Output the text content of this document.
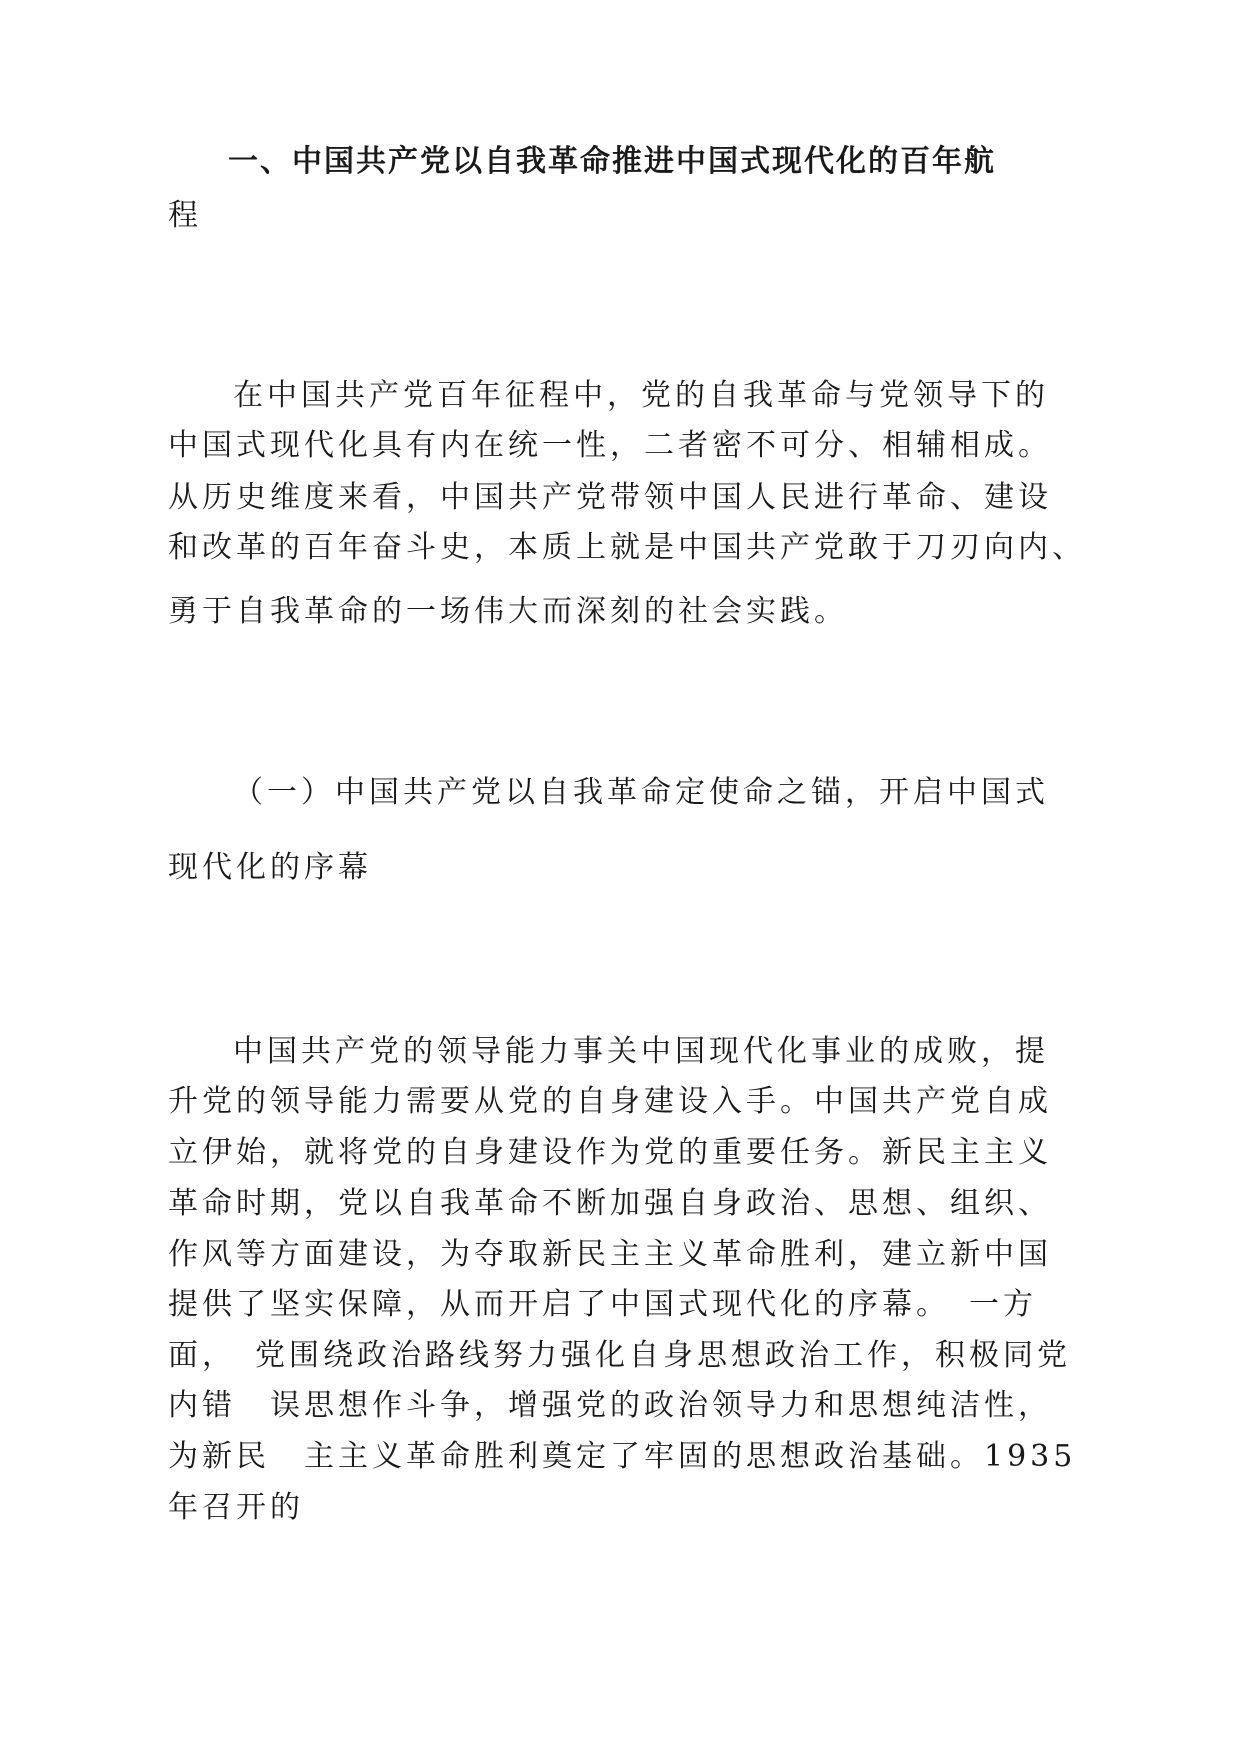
一、中国共产党以自我革命推进中国式现代化的百年航
程
在中国共产党百年征程中，党的自我革命与党领导下的
中国式现代化具有内在统一性，二者密不可分、相辅相成。
从历史维度来看，中国共产党带领中国人民进行革命、建设
和改革的百年奋斗史，本质上就是中国共产党敢于刀刃向内、
勇于自我革命的一场伟大而深刻的社会实践。
（一）中国共产党以自我革命定使命之锚，开启中国式
现代化的序幕
中国共产党的领导能力事关中国现代化事业的成败，提
升党的领导能力需要从党的自身建设入手。中国共产党自成
立伊始，就将党的自身建设作为党的重要任务。新民主主义
革命时期，党以自我革命不断加强自身政治、思想、组织、
作风等方面建设，为夺取新民主主义革命胜利，建立新中国
提供了坚实保障，从而开启了中国式现代化的序幕。　一方
面，　党围绕政治路线努力强化自身思想政治工作，积极同党
内错　误思想作斗争，增强党的政治领导力和思想纯洁性，
为新民　主主义革命胜利奠定了牢固的思想政治基础。1935
年召开的
